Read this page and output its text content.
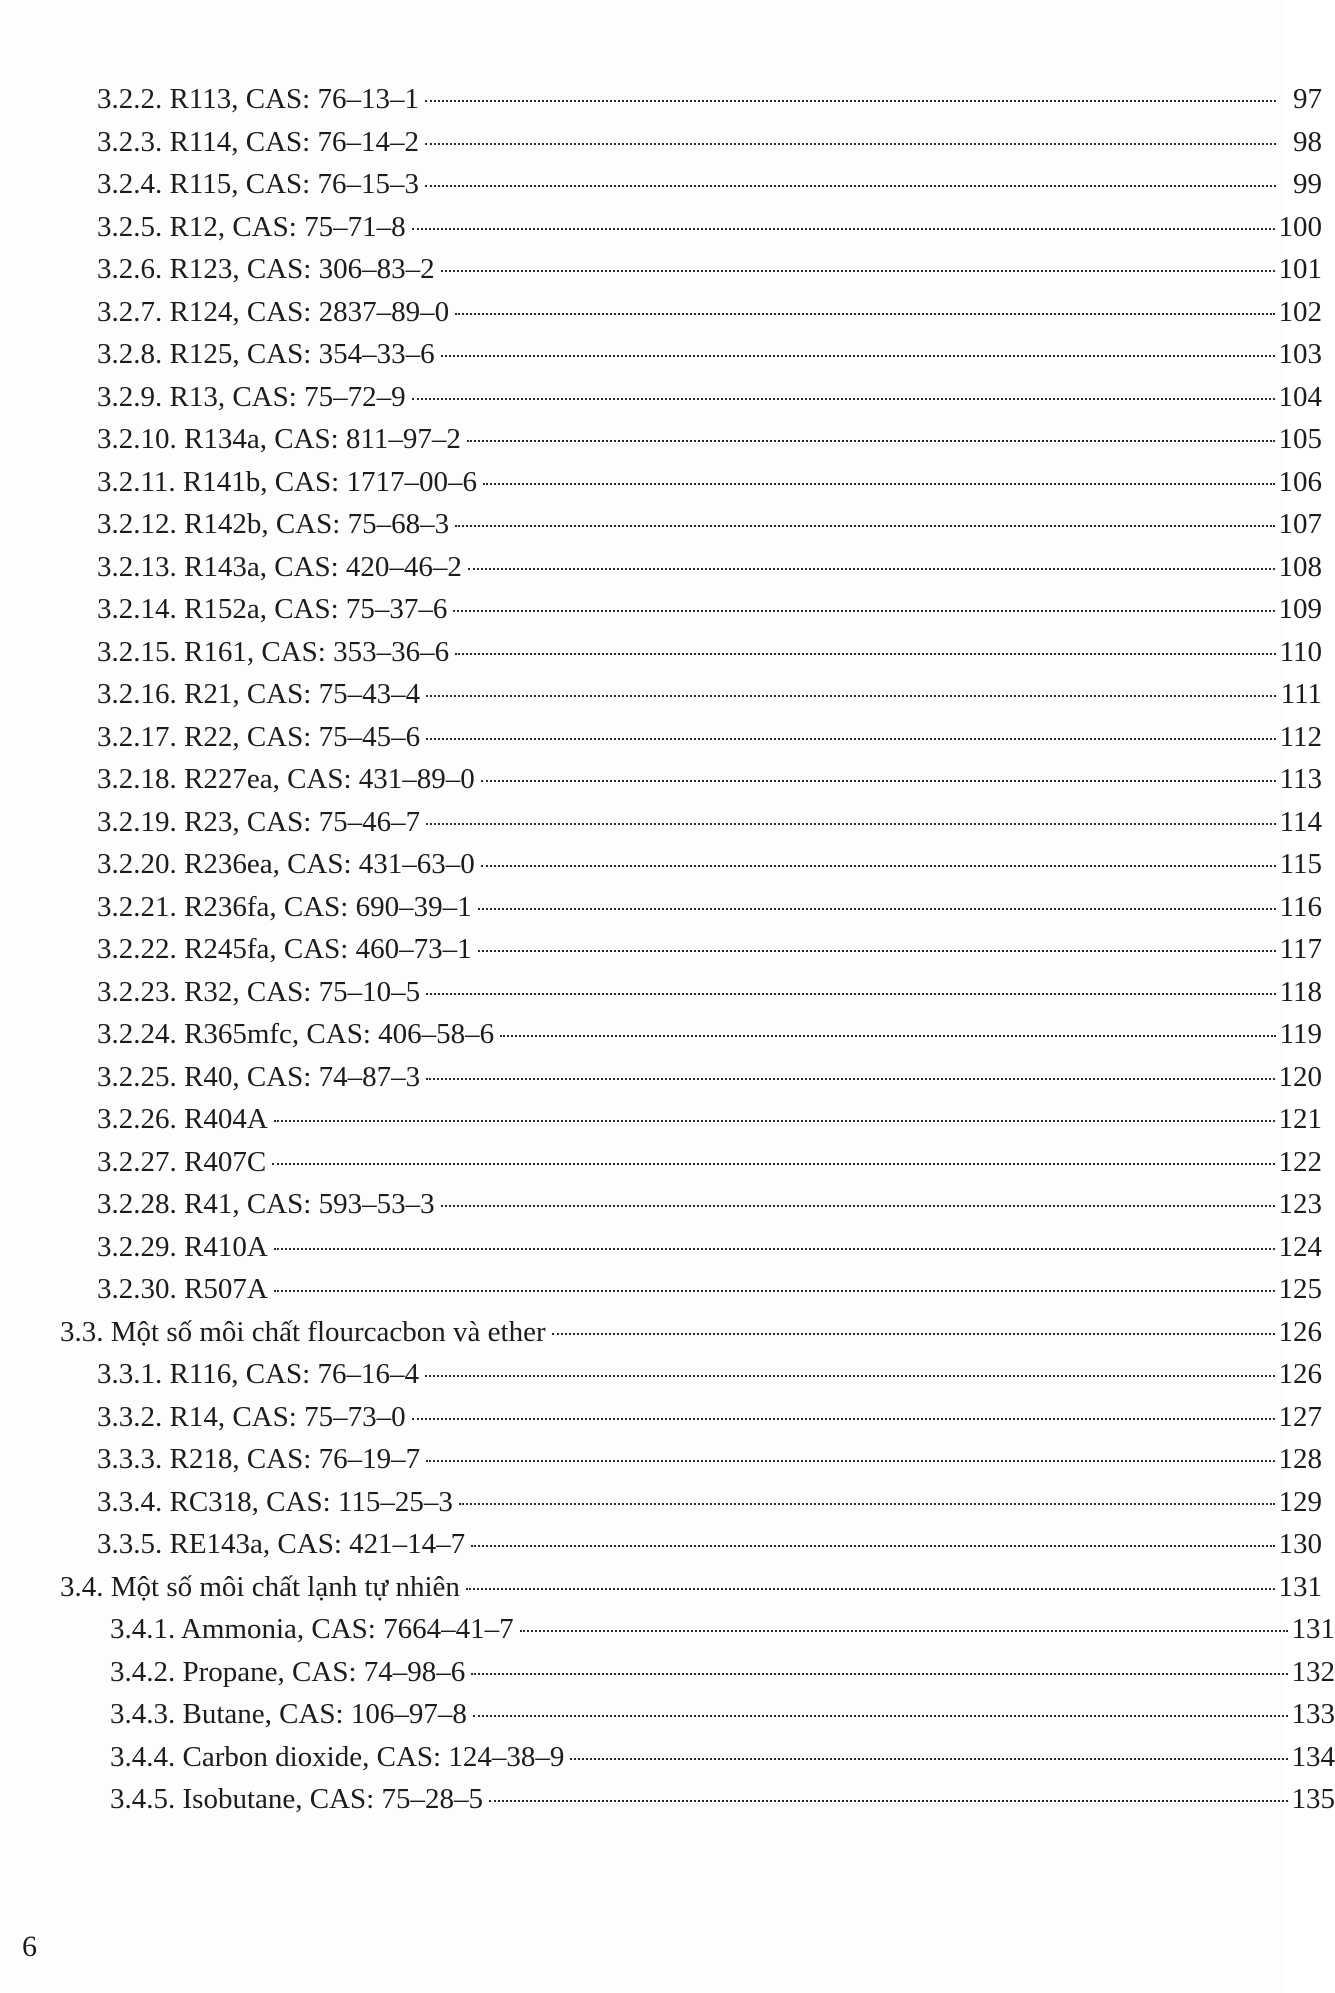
3.2.2. R113, CAS: 76–13–1	97
3.2.3. R114, CAS: 76–14–2	98
3.2.4. R115, CAS: 76–15–3	99
3.2.5. R12, CAS: 75–71–8	100
3.2.6. R123, CAS: 306–83–2	101
3.2.7. R124, CAS: 2837–89–0	102
3.2.8. R125, CAS: 354–33–6	103
3.2.9. R13, CAS: 75–72–9	104
3.2.10. R134a, CAS: 811–97–2	105
3.2.11. R141b, CAS: 1717–00–6	106
3.2.12. R142b, CAS: 75–68–3	107
3.2.13. R143a, CAS: 420–46–2	108
3.2.14. R152a, CAS: 75–37–6	109
3.2.15. R161, CAS: 353–36–6	110
3.2.16. R21, CAS: 75–43–4	111
3.2.17. R22, CAS: 75–45–6	112
3.2.18. R227ea, CAS: 431–89–0	113
3.2.19. R23, CAS: 75–46–7	114
3.2.20. R236ea, CAS: 431–63–0	115
3.2.21. R236fa, CAS: 690–39–1	116
3.2.22. R245fa, CAS: 460–73–1	117
3.2.23. R32, CAS: 75–10–5	118
3.2.24. R365mfc, CAS: 406–58–6	119
3.2.25. R40, CAS: 74–87–3	120
3.2.26. R404A	121
3.2.27. R407C	122
3.2.28. R41, CAS: 593–53–3	123
3.2.29. R410A	124
3.2.30. R507A	125
3.3. Một số môi chất flourcacbon và ether	126
3.3.1. R116, CAS: 76–16–4	126
3.3.2. R14, CAS: 75–73–0	127
3.3.3. R218, CAS: 76–19–7	128
3.3.4. RC318, CAS: 115–25–3	129
3.3.5. RE143a, CAS: 421–14–7	130
3.4. Một số môi chất lạnh tự nhiên	131
3.4.1. Ammonia, CAS: 7664–41–7	131
3.4.2. Propane, CAS: 74–98–6	132
3.4.3. Butane, CAS: 106–97–8	133
3.4.4. Carbon dioxide, CAS: 124–38–9	134
3.4.5. Isobutane, CAS: 75–28–5	135
6
